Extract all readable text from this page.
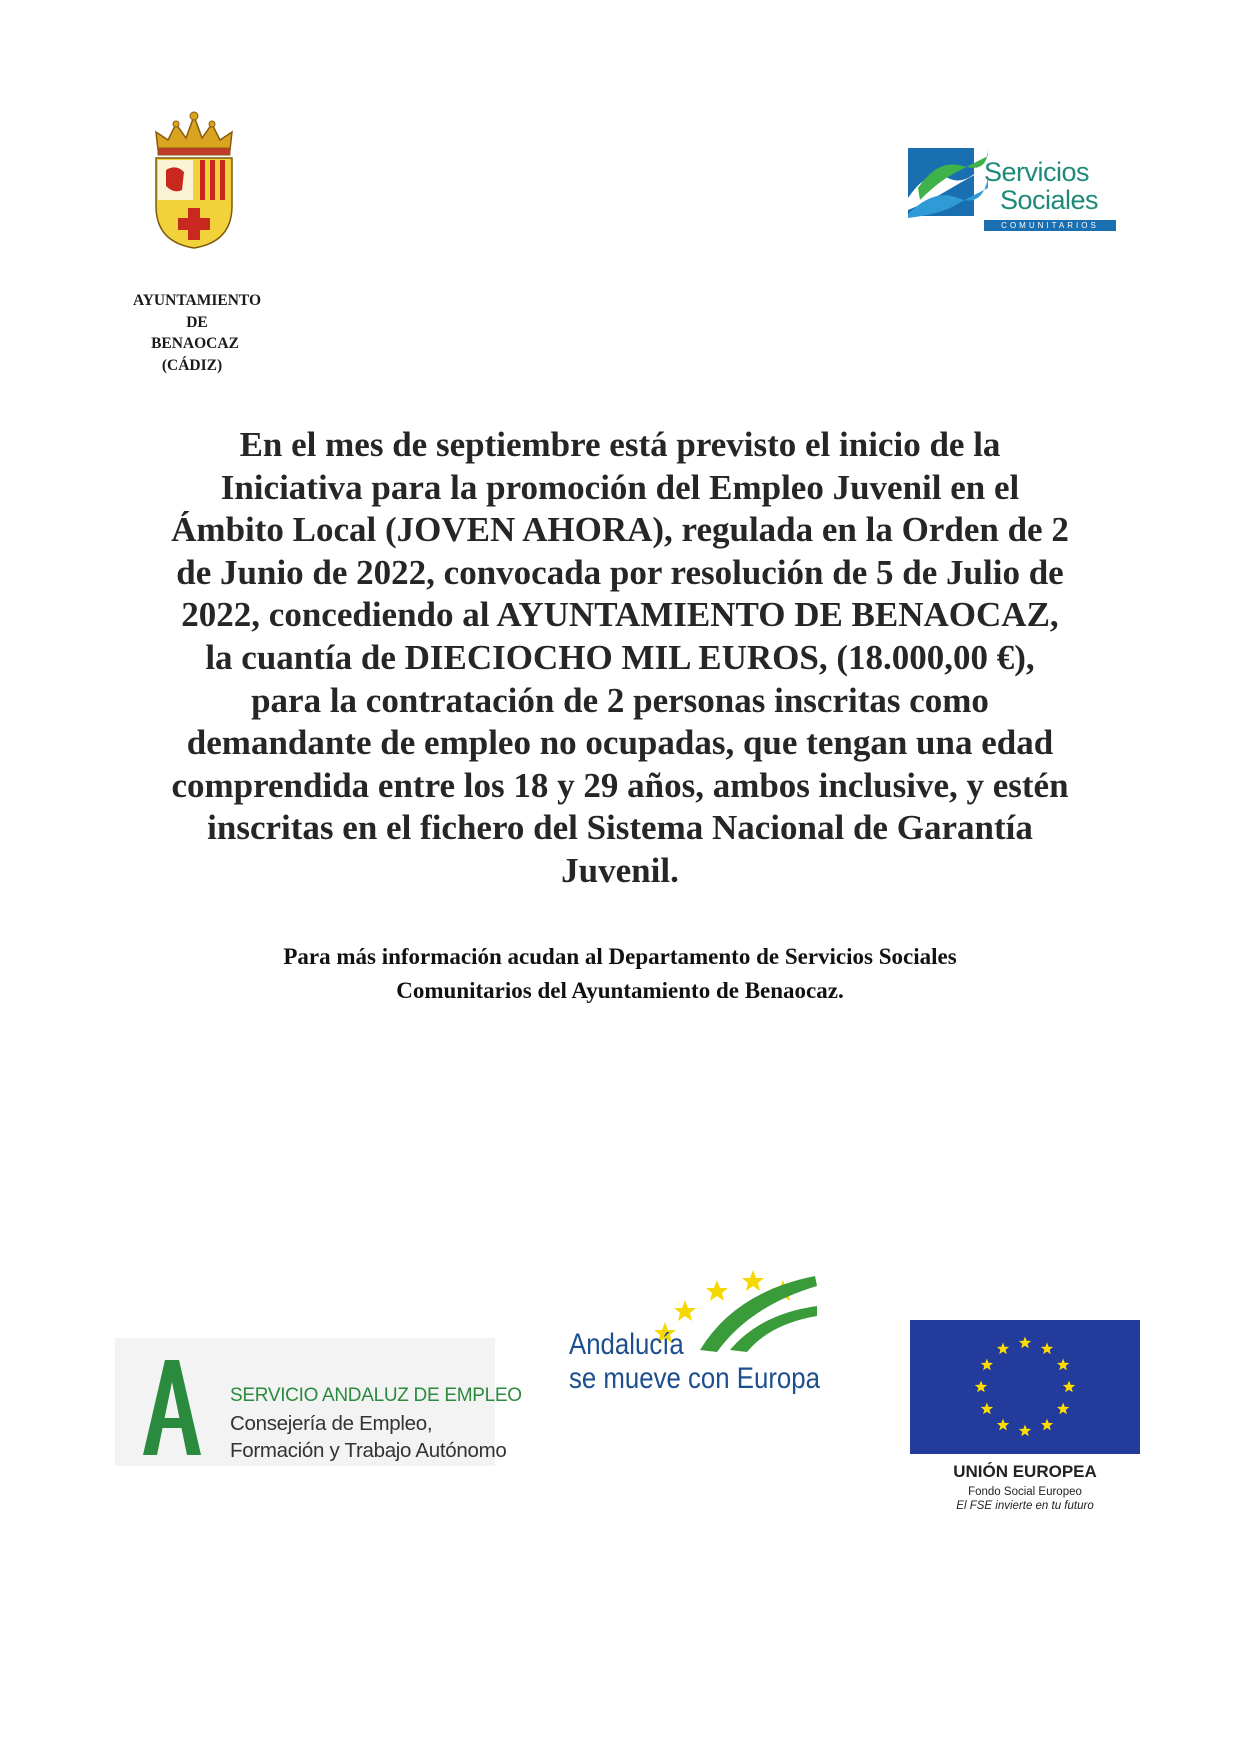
AYUNTAMIENTO
DE
BENAOCAZ
(CÁDIZ)
Servicios
Sociales
COMUNITARIOS
En el mes de septiembre está previsto el inicio de la
Iniciativa para la promoción del Empleo Juvenil en el
Ámbito Local (JOVEN AHORA), regulada en la Orden de 2
de Junio de 2022, convocada por resolución de 5 de Julio de
2022, concediendo al AYUNTAMIENTO DE BENAOCAZ,
la cuantía de DIECIOCHO MIL EUROS, (18.000,00 €),
para la contratación de 2 personas inscritas como
demandante de empleo no ocupadas, que tengan una edad
comprendida entre los 18 y 29 años, ambos inclusive, y estén
inscritas en el fichero del Sistema Nacional de Garantía
Juvenil.
Para más información acudan al Departamento de Servicios Sociales
Comunitarios del Ayuntamiento de Benaocaz.
SERVICIO ANDALUZ DE EMPLEO
Consejería de Empleo,
Formación y Trabajo Autónomo
Andalucía
se mueve con Europa
UNIÓN EUROPEA
Fondo Social Europeo
El FSE invierte en tu futuro
